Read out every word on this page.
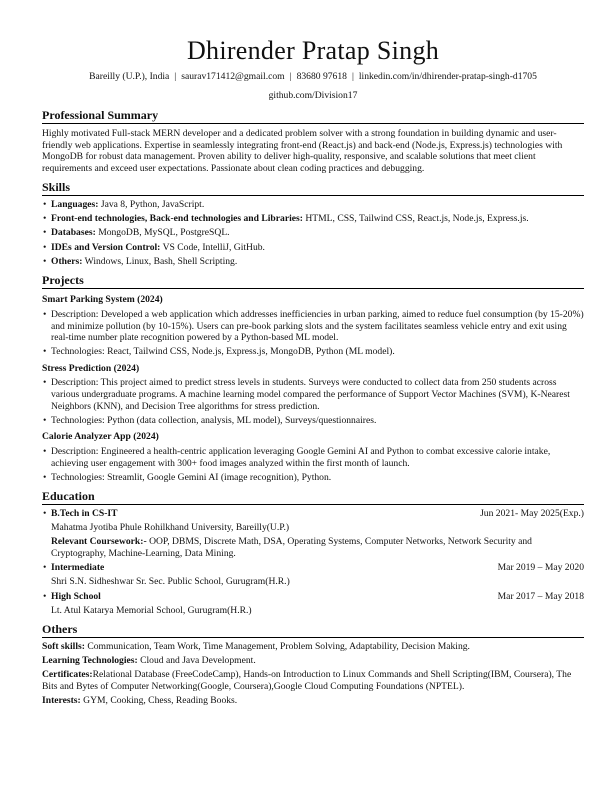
Dhirender Pratap Singh
Bareilly (U.P.), India | saurav171412@gmail.com | 83680 97618 | linkedin.com/in/dhirender-pratap-singh-d1705
github.com/Division17
Professional Summary
Highly motivated Full-stack MERN developer and a dedicated problem solver with a strong foundation in building dynamic and user-friendly web applications. Expertise in seamlessly integrating front-end (React.js) and back-end (Node.js, Express.js) technologies with MongoDB for robust data management. Proven ability to deliver high-quality, responsive, and scalable solutions that meet client requirements and exceed user expectations. Passionate about clean coding practices and debugging.
Skills
• Languages: Java 8, Python, JavaScript.
• Front-end technologies, Back-end technologies and Libraries: HTML, CSS, Tailwind CSS, React.js, Node.js, Express.js.
• Databases: MongoDB, MySQL, PostgreSQL.
• IDEs and Version Control: VS Code, IntelliJ, GitHub.
• Others: Windows, Linux, Bash, Shell Scripting.
Projects
Smart Parking System (2024)
• Description: Developed a web application which addresses inefficiencies in urban parking, aimed to reduce fuel consumption (by 15-20%) and minimize pollution (by 10-15%). Users can pre-book parking slots and the system facilitates seamless vehicle entry and exit using real-time number plate recognition powered by a Python-based ML model.
• Technologies: React, Tailwind CSS, Node.js, Express.js, MongoDB, Python (ML model).
Stress Prediction (2024)
• Description: This project aimed to predict stress levels in students. Surveys were conducted to collect data from 250 students across various undergraduate programs. A machine learning model compared the performance of Support Vector Machines (SVM), K-Nearest Neighbors (KNN), and Decision Tree algorithms for stress prediction.
• Technologies: Python (data collection, analysis, ML model), Surveys/questionnaires.
Calorie Analyzer App (2024)
• Description: Engineered a health-centric application leveraging Google Gemini AI and Python to combat excessive calorie intake, achieving user engagement with 300+ food images analyzed within the first month of launch.
• Technologies: Streamlit, Google Gemini AI (image recognition), Python.
Education
• B.Tech in CS-IT	Jun 2021- May 2025(Exp.)
Mahatma Jyotiba Phule Rohilkhand University, Bareilly(U.P.)
Relevant Coursework:- OOP, DBMS, Discrete Math, DSA, Operating Systems, Computer Networks, Network Security and Cryptography, Machine-Learning, Data Mining.
• Intermediate	Mar 2019 – May 2020
Shri S.N. Sidheshwar Sr. Sec. Public School, Gurugram(H.R.)
• High School	Mar 2017 – May 2018
Lt. Atul Katarya Memorial School, Gurugram(H.R.)
Others
Soft skills: Communication, Team Work, Time Management, Problem Solving, Adaptability, Decision Making.
Learning Technologies: Cloud and Java Development.
Certificates:Relational Database (FreeCodeCamp), Hands-on Introduction to Linux Commands and Shell Scripting(IBM, Coursera), The Bits and Bytes of Computer Networking(Google, Coursera),Google Cloud Computing Foundations (NPTEL).
Interests: GYM, Cooking, Chess, Reading Books.
